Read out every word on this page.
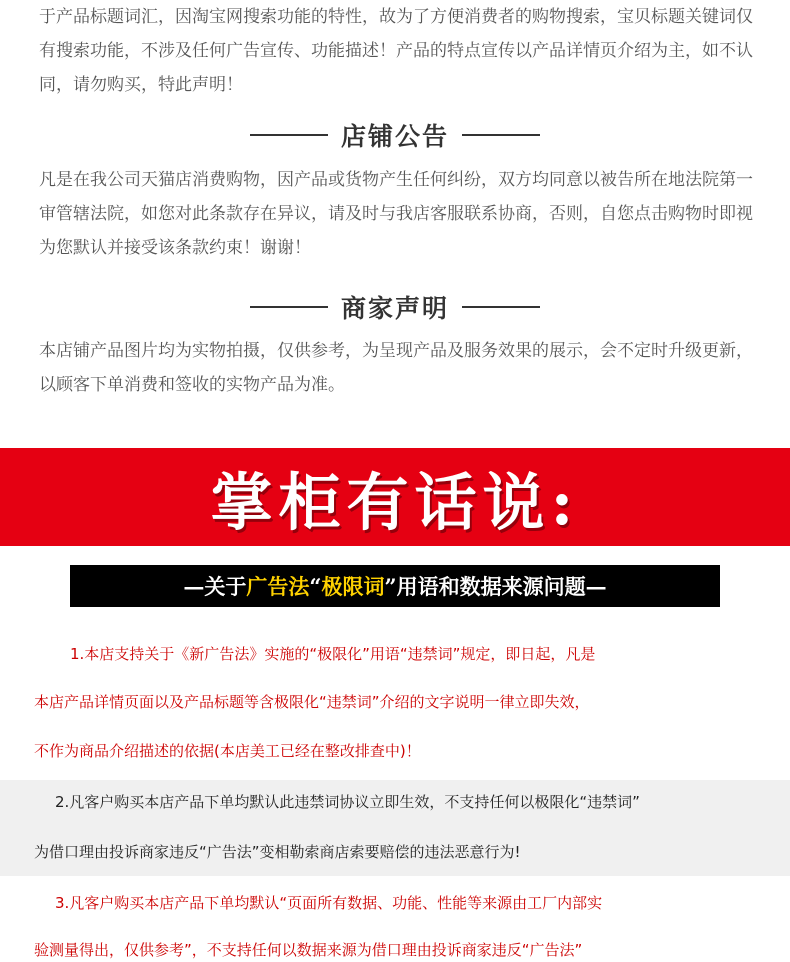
于产品标题词汇，因淘宝网搜索功能的特性，故为了方便消费者的购物搜索，宝贝标题关键词仅有搜索功能，不涉及任何广告宣传、功能描述！产品的特点宣传以产品详情页介绍为主，如不认同，请勿购买，特此声明！

店铺公告

凡是在我公司天猫店消费购物，因产品或货物产生任何纠纷，双方均同意以被告所在地法院第一审管辖法院，如您对此条款存在异议，请及时与我店客服联系协商，否则，自您点击购物时即视为您默认并接受该条款约束！谢谢！

商家声明

本店铺产品图片均为实物拍摄，仅供参考，为呈现产品及服务效果的展示，会不定时升级更新，以顾客下单消费和签收的实物产品为准。

掌柜有话说:
—关于 广告法 “ 极限词 ” 用语和数据来源问题—
1.本店支持关于《新广告法》实施的“极限化”用语“违禁词”规定，即日起，凡是
本店产品详情页面以及产品标题等含极限化“违禁词”介绍的文字说明一律立即失效，
不作为商品介绍描述的依据(本店美工已经在整改排查中)！
2.凡客户购买本店产品下单均默认此违禁词协议立即生效，不支持任何以极限化“违禁词”
为借口理由投诉商家违反“广告法”变相勒索商店索要赔偿的违法恶意行为!
3.凡客户购买本店产品下单均默认“页面所有数据、功能、性能等来源由工厂内部实
验测量得出，仅供参考”，不支持任何以数据来源为借口理由投诉商家违反“广告法”
